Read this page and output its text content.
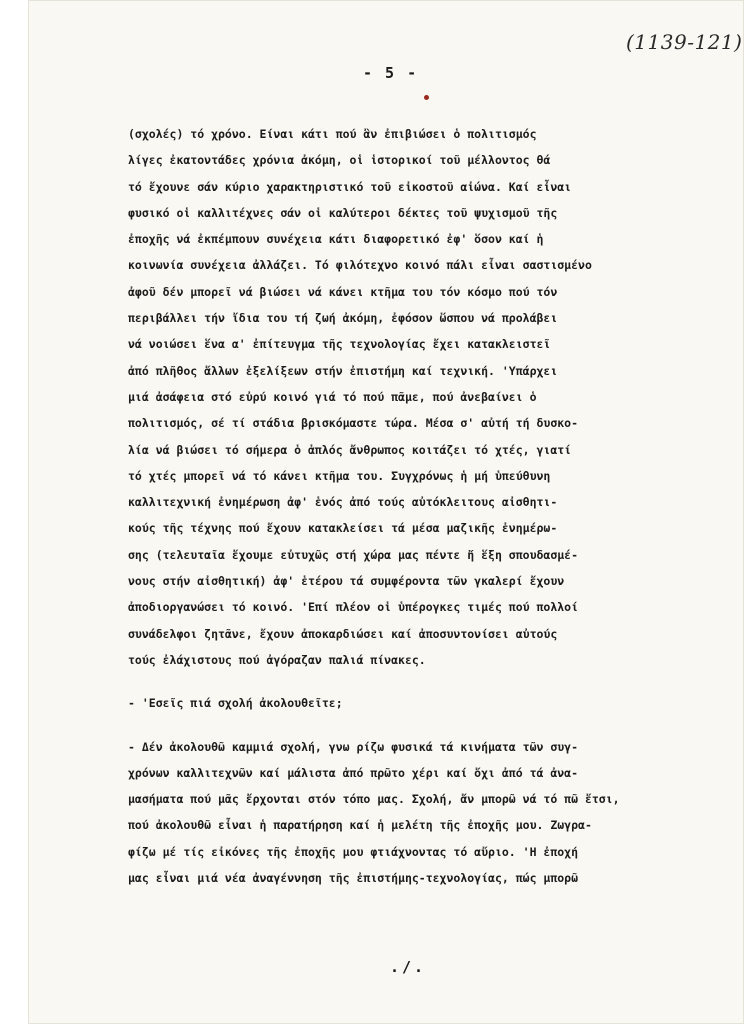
(1139-121)
- 5 -
(σχολές) τό χρόνο. Είναι κάτι πού ἂν ἐπιβιώσει ὁ πολιτισμός
λίγες ἐκατοντάδες χρόνια ἀκόμη, οἱ ἱστορικοί τοῦ μέλλοντος θά
τό ἔχουνε σάν κύριο χαρακτηριστικό τοῦ εἰκοστοῦ αἰώνα. Καί εἶναι
φυσικό οἱ καλλιτέχνες σάν οἱ καλύτεροι δέκτες τοῦ ψυχισμοῦ τῆς
ἐποχῆς νά ἐκπέμπουν συνέχεια κάτι διαφορετικό ἐφ' ὅσον καί ἡ
κοινωνία συνέχεια ἀλλάζει. Τό φιλότεχνο κοινό πάλι εἶναι σαστισμένο
ἀφοῦ δέν μπορεῖ νά βιώσει νά κάνει κτῆμα του τόν κόσμο πού τόν
περιβάλλει τήν ἴδια του τή ζωή ἀκόμη, ἐφόσον ὥσπου νά προλάβει
νά νοιώσει ἕνα α' ἐπίτευγμα τῆς τεχνολογίας ἔχει κατακλειστεῖ
ἀπό πλῆθος ἄλλων ἐξελίξεων στήν ἐπιστήμη καί τεχνική. 'Υπάρχει
μιά ἀσάφεια στό εὐρύ κοινό γιά τό πού πᾶμε, πού ἀνεβαίνει ὁ
πολιτισμός, σέ τί στάδια βρισκόμαστε τώρα. Μέσα σ' αὐτή τή δυσκο-
λία νά βιώσει τό σήμερα ὁ ἁπλός ἄνθρωπος κοιτάζει τό χτές, γιατί
τό χτές μπορεῖ νά τό κάνει κτῆμα του. Συγχρόνως ἡ μή ὑπεύθυνη
καλλιτεχνική ἐνημέρωση ἀφ' ἑνός ἀπό τούς αὐτόκλειτους αἰσθητι-
κούς τῆς τέχνης πού ἔχουν κατακλείσει τά μέσα μαζικῆς ἐνημέρω-
σης (τελευταῖα ἔχουμε εὐτυχῶς στή χώρα μας πέντε ἤ ἕξη σπουδασμέ-
νους στήν αἰσθητική) ἀφ' ἑτέρου τά συμφέροντα τῶν γκαλερί ἔχουν
ἀποδιοργανώσει τό κοινό. 'Επί πλέον οἱ ὑπέρογκες τιμές πού πολλοί
συνάδελφοι ζητᾶνε, ἔχουν ἀποκαρδιώσει καί ἀποσυντονίσει αὐτούς
τούς ἐλάχιστους πού ἀγόραζαν παλιά πίνακες.
- 'Εσεῖς πιά σχολή ἀκολουθεῖτε;
- Δέν ἀκολουθῶ καμμιά σχολή, γνω ρίζω φυσικά τά κινήματα τῶν συγ-
χρόνων καλλιτεχνῶν καί μάλιστα ἀπό πρῶτο χέρι καί ὄχι ἀπό τά ἀνα-
μασήματα πού μᾶς ἔρχονται στόν τόπο μας. Σχολή, ἄν μπορῶ νά τό πῶ ἔτσι,
πού ἀκολουθῶ εἶναι ἡ παρατήρηση καί ἡ μελέτη τῆς ἐποχῆς μου. Ζωγρα-
φίζω μέ τίς εἰκόνες τῆς ἐποχῆς μου φτιάχνοντας τό αὔριο. 'Η ἐποχή
μας εἶναι μιά νέα ἀναγέννηση τῆς ἐπιστήμης-τεχνολογίας, πώς μπορῶ
./.
